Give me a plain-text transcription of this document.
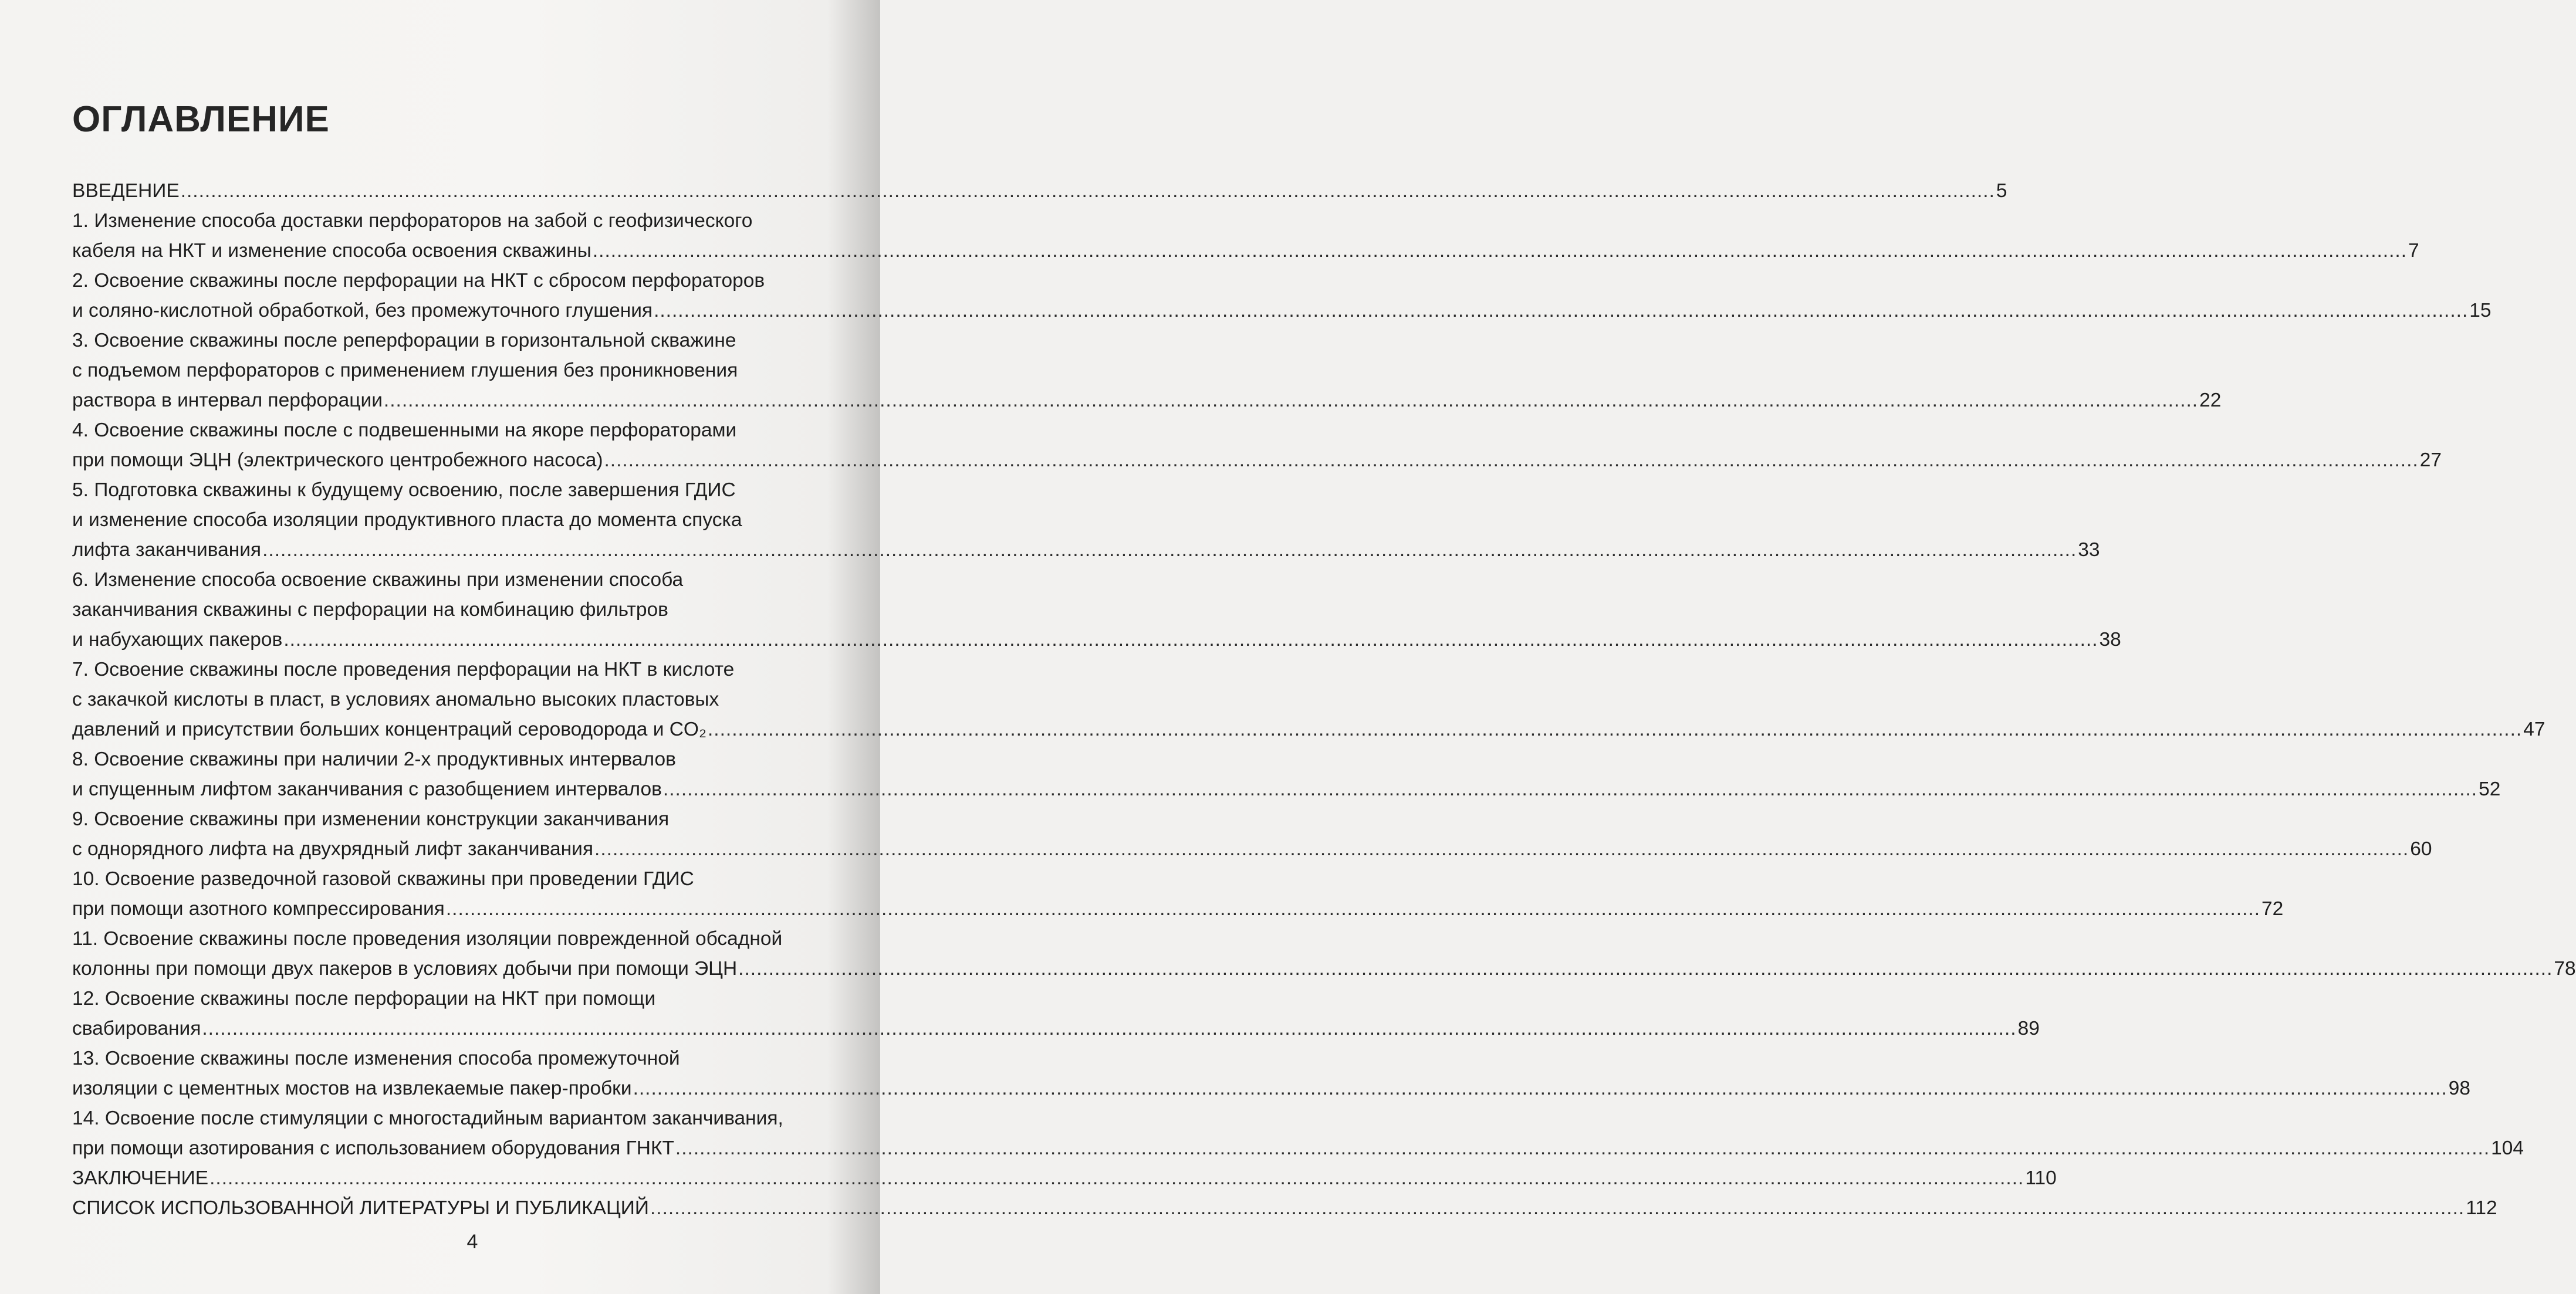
ОГЛАВЛЕНИЕ
ВВЕДЕНИЕ ............................................................................................................................................................................................................................................................................................................ 5
1. Изменение способа доставки перфораторов на забой с геофизического
кабеля на НКТ и изменение способа освоения скважины ............................................................................................................................................................................................................................................................................................................ 7
2. Освоение скважины после перфорации на НКТ с сбросом перфораторов
и соляно-кислотной обработкой, без промежуточного глушения ............................................................................................................................................................................................................................................................................................................ 15
3. Освоение скважины после реперфорации в горизонтальной скважине
с подъемом перфораторов с применением глушения без проникновения
раствора в интервал перфорации ............................................................................................................................................................................................................................................................................................................ 22
4. Освоение скважины после с подвешенными на якоре перфораторами
при помощи ЭЦН (электрического центробежного насоса) ............................................................................................................................................................................................................................................................................................................ 27
5. Подготовка скважины к будущему освоению, после завершения ГДИС
и изменение способа изоляции продуктивного пласта до момента спуска
лифта заканчивания ............................................................................................................................................................................................................................................................................................................ 33
6. Изменение способа освоение скважины при изменении способа
заканчивания скважины с перфорации на комбинацию фильтров
и набухающих пакеров ............................................................................................................................................................................................................................................................................................................ 38
7. Освоение скважины после проведения перфорации на НКТ в кислоте
с закачкой кислоты в пласт, в условиях аномально высоких пластовых
давлений и присутствии больших концентраций сероводорода и CO₂ ............................................................................................................................................................................................................................................................................................................ 47
8. Освоение скважины при наличии 2-х продуктивных интервалов
и спущенным лифтом заканчивания с разобщением интервалов ............................................................................................................................................................................................................................................................................................................ 52
9. Освоение скважины при изменении конструкции заканчивания
с однорядного лифта на двухрядный лифт заканчивания ............................................................................................................................................................................................................................................................................................................ 60
10. Освоение разведочной газовой скважины при проведении ГДИС
при помощи азотного компрессирования ............................................................................................................................................................................................................................................................................................................ 72
11. Освоение скважины после проведения изоляции поврежденной обсадной
колонны при помощи двух пакеров в условиях добычи при помощи ЭЦН ............................................................................................................................................................................................................................................................................................................ 78
12. Освоение скважины после перфорации на НКТ при помощи
свабирования ............................................................................................................................................................................................................................................................................................................ 89
13. Освоение скважины после изменения способа промежуточной
изоляции с цементных мостов на извлекаемые пакер-пробки ............................................................................................................................................................................................................................................................................................................ 98
14. Освоение после стимуляции с многостадийным вариантом заканчивания,
при помощи азотирования с использованием оборудования ГНКТ ............................................................................................................................................................................................................................................................................................................ 104
ЗАКЛЮЧЕНИЕ ............................................................................................................................................................................................................................................................................................................ 110
СПИСОК ИСПОЛЬЗОВАННОЙ ЛИТЕРАТУРЫ И ПУБЛИКАЦИЙ ............................................................................................................................................................................................................................................................................................................ 112
4
